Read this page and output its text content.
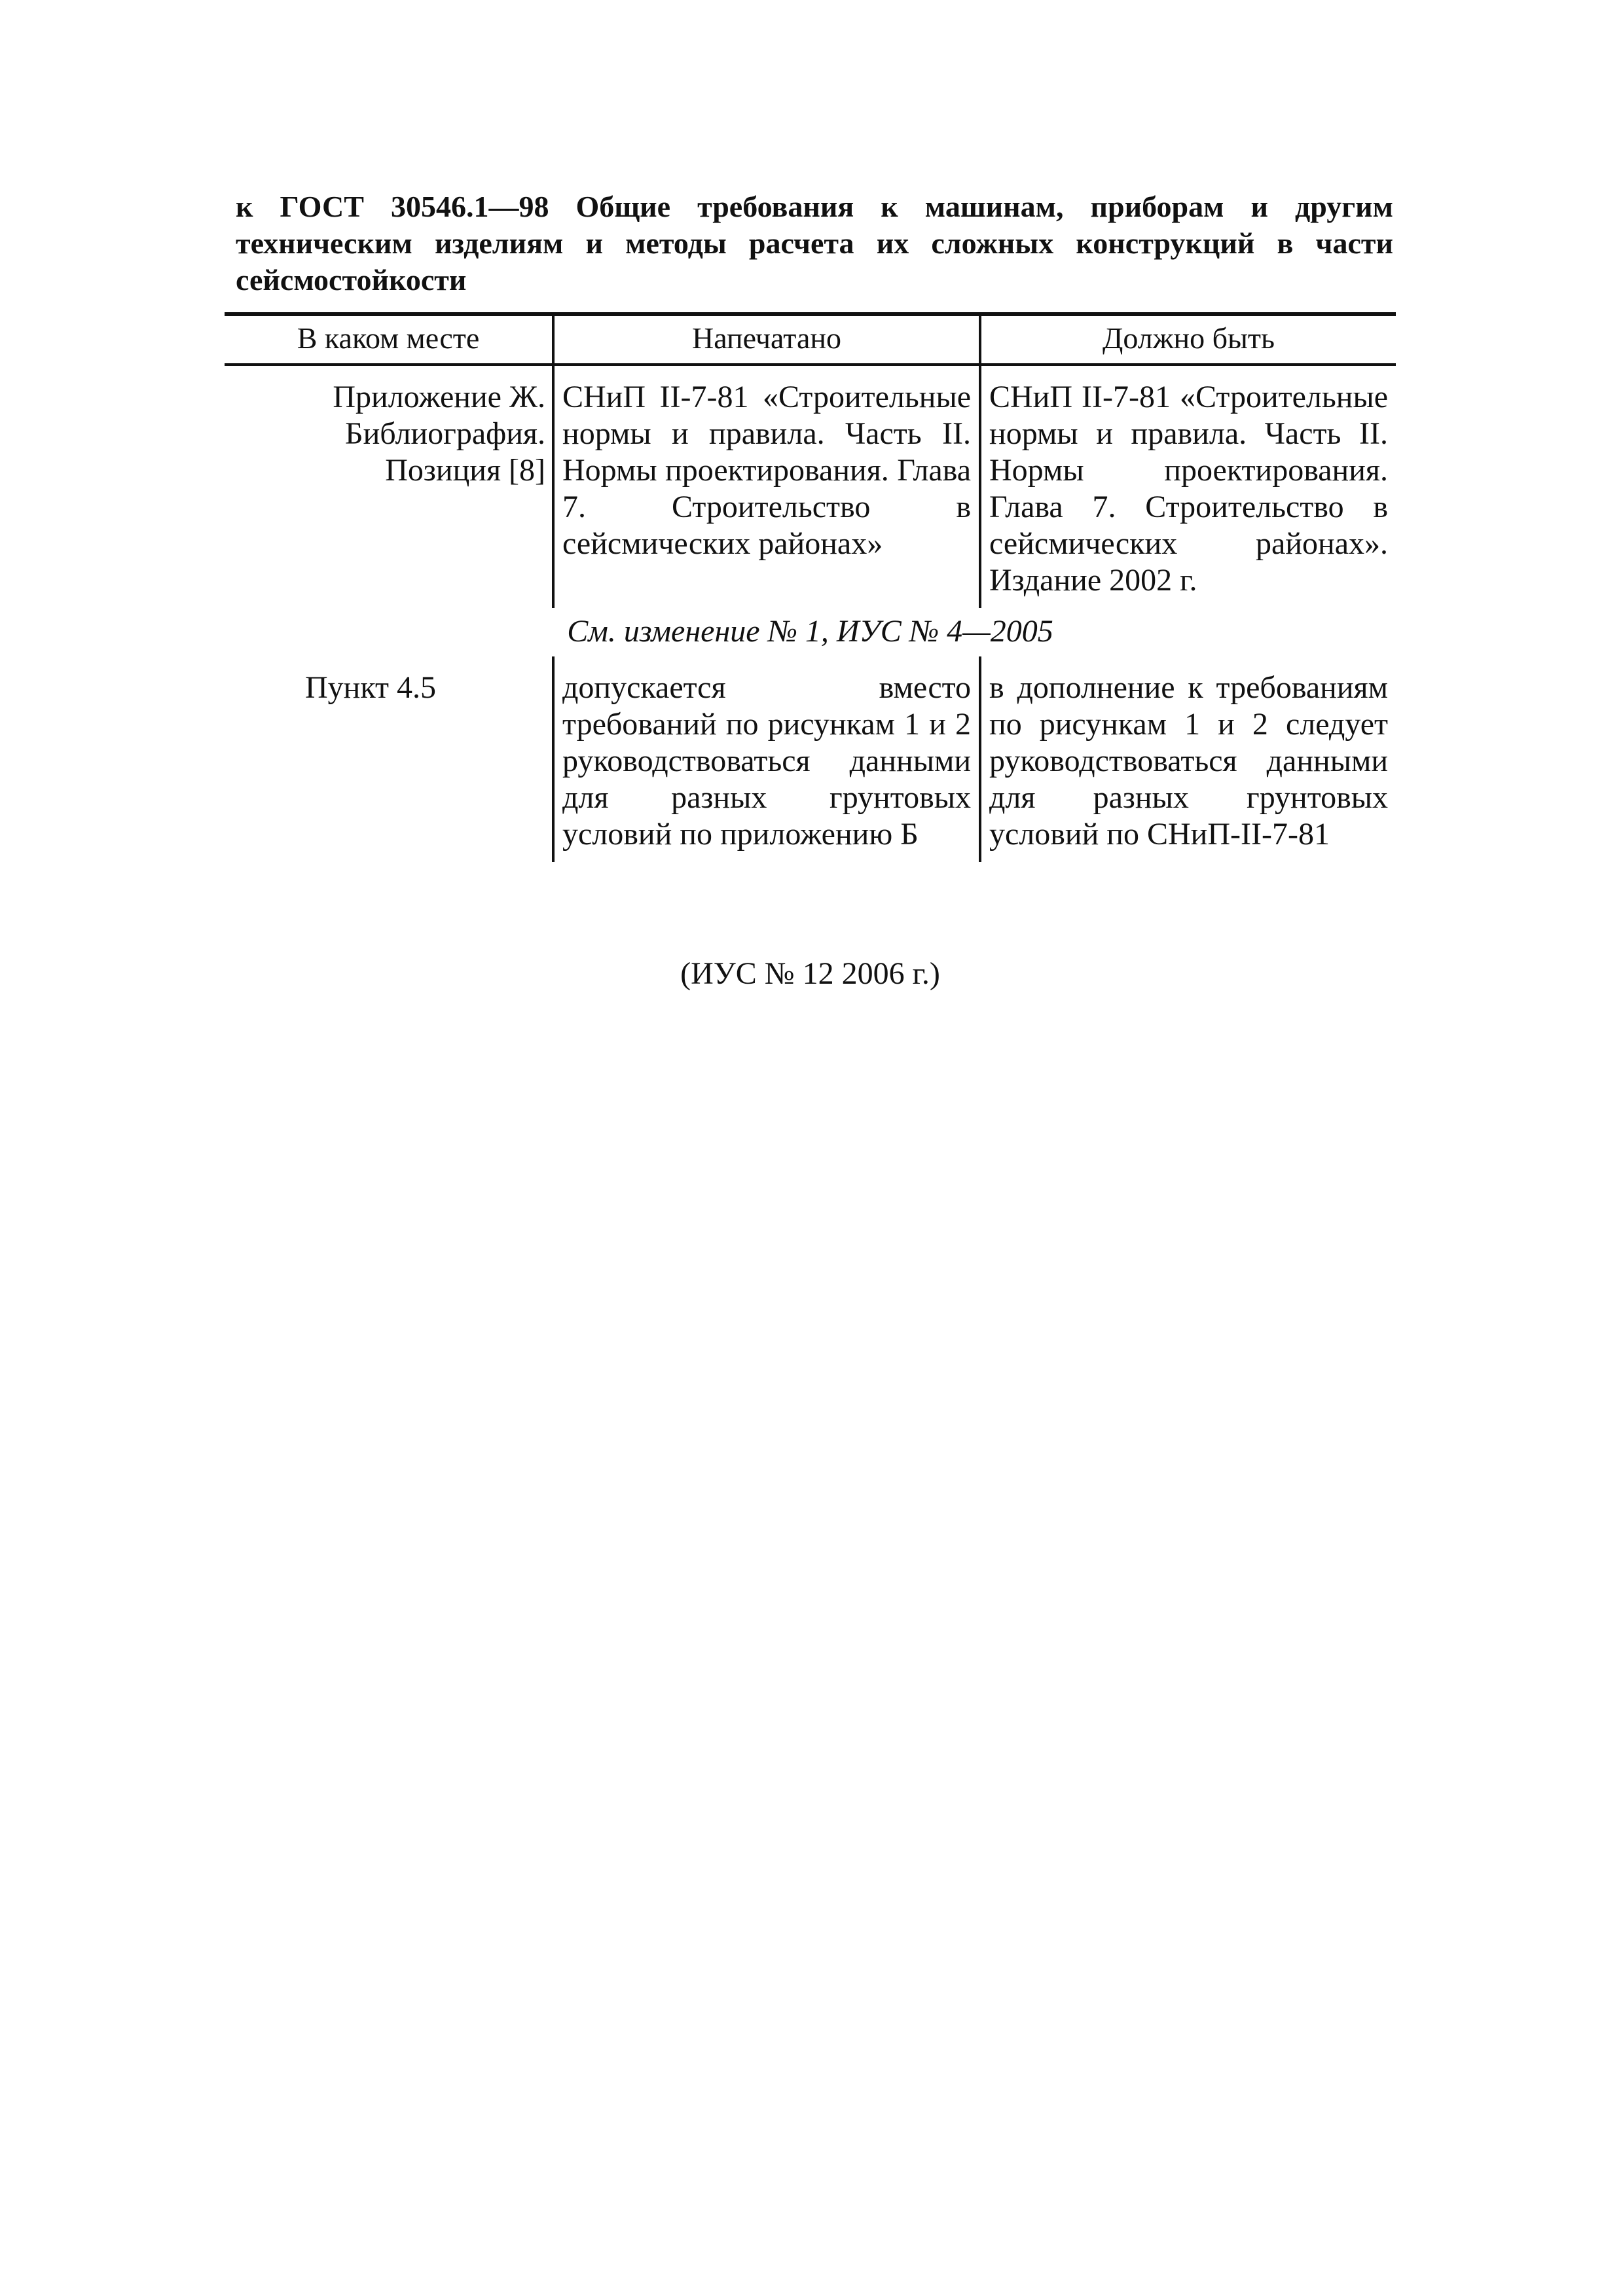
к ГОСТ 30546.1—98 Общие требования к машинам, приборам и другим техническим изделиям и методы расчета их сложных конструкций в части сейсмостойкости

В каком месте	Напечатано	Должно быть
Приложение Ж. Библиография. Позиция [8]	СНиП II-7-81 «Строительные нормы и правила. Часть II. Нормы проектирования. Глава 7. Строительство в сейсмических районах»	СНиП II-7-81 «Строительные нормы и правила. Часть II. Нормы проектирования. Глава 7. Строительство в сейсмических районах». Издание 2002 г.
См. изменение № 1, ИУС № 4—2005		
Пункт 4.5	допускается вместо требований по рисункам 1 и 2 руководствоваться данными для разных грунтовых условий по приложению Б	в дополнение к требованиям по рисункам 1 и 2 следует руководствоваться данными для разных грунтовых условий по СНиП-II-7-81

(ИУС № 12 2006 г.)
